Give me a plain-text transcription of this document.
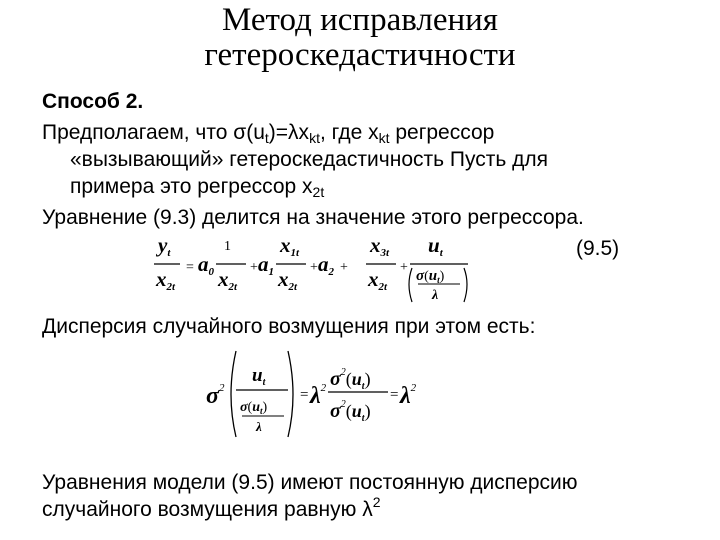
Метод исправления
гетероскедастичности
Способ 2.
Предполагаем, что $\sigma(u_t)=\lambda x_{kt}$, где $x_{kt}$ регрессор
«вызывающий» гетероскедастичность Пусть для
примера это регрессор $x_{2t}$
Уравнение (9.3) делится на значение этого регрессора.
yt
x2t
=
1
a0 x2t
+ a1
x1t
x2t
+ a2 +
x3t
x2t
+
ut
$\sigma(u_t)$
λ
(9.5)
Дисперсия случайного возмущения при этом есть:
$\sigma^2$
$u_t$
$\sigma(u_t)$
λ
= $\lambda^2$ $\sigma^2(u_t)$
$\sigma^2(u_t)$
= $\lambda^2$
Уравнения модели (9.5) имеют постоянную дисперсию
случайного возмущения равную $\lambda^2$
